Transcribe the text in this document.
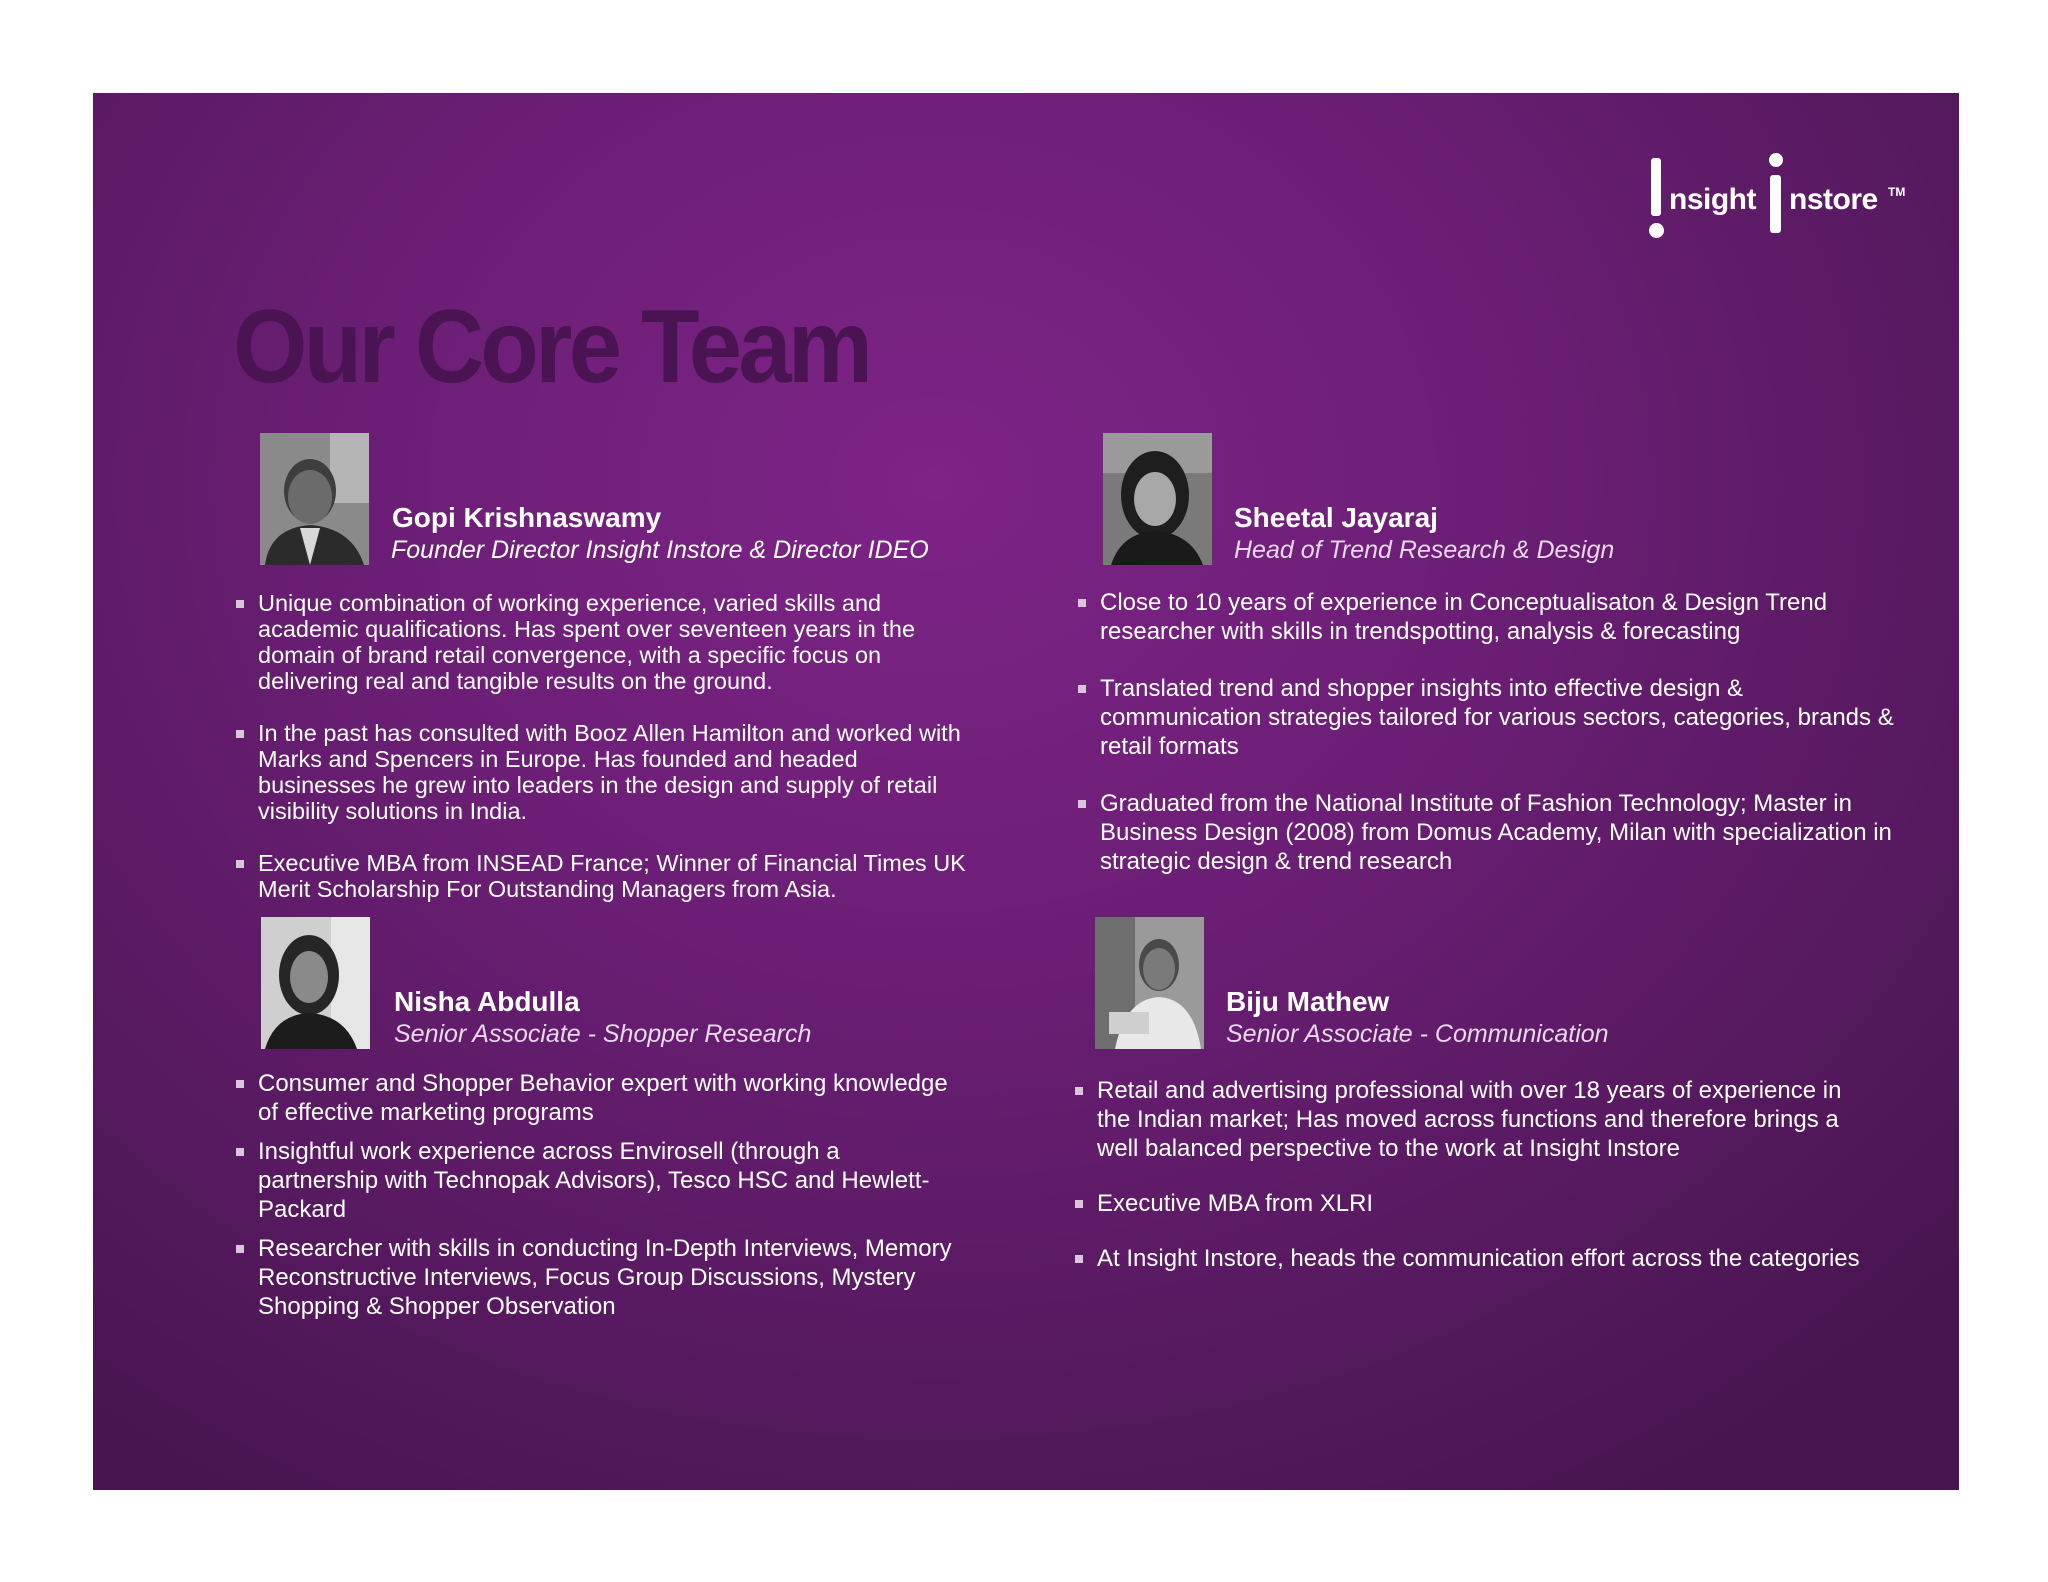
nsight nstore TM
Our Core Team
Gopi Krishnaswamy
Founder Director Insight Instore & Director IDEO
Unique combination of working experience, varied skills and academic qualifications. Has spent over seventeen years in the domain of brand retail convergence, with a specific focus on delivering real and tangible results on the ground.
In the past has consulted with Booz Allen Hamilton and worked with Marks and Spencers in Europe. Has founded and headed businesses he grew into leaders in the design and supply of retail visibility solutions in India.
Executive MBA from INSEAD France; Winner of Financial Times UK Merit Scholarship For Outstanding Managers from Asia.
Sheetal Jayaraj
Head of Trend Research & Design
Close to 10 years of experience in Conceptualisaton & Design Trend researcher with skills in trendspotting, analysis & forecasting
Translated trend and shopper insights into effective design & communication strategies tailored for various sectors, categories, brands & retail formats
Graduated from the National Institute of Fashion Technology; Master in Business Design (2008) from Domus Academy, Milan with specialization in strategic design & trend research
Nisha Abdulla
Senior Associate - Shopper Research
Consumer and Shopper Behavior expert with working knowledge of effective marketing programs
Insightful work experience across Envirosell (through a partnership with Technopak Advisors), Tesco HSC and Hewlett-Packard
Researcher with skills in conducting In-Depth Interviews, Memory Reconstructive Interviews, Focus Group Discussions, Mystery Shopping & Shopper Observation
Biju Mathew
Senior Associate - Communication
Retail and advertising professional with over 18 years of experience in the Indian market; Has moved across functions and therefore brings a well balanced perspective to the work at Insight Instore
Executive MBA from XLRI
At Insight Instore, heads the communication effort across the categories
